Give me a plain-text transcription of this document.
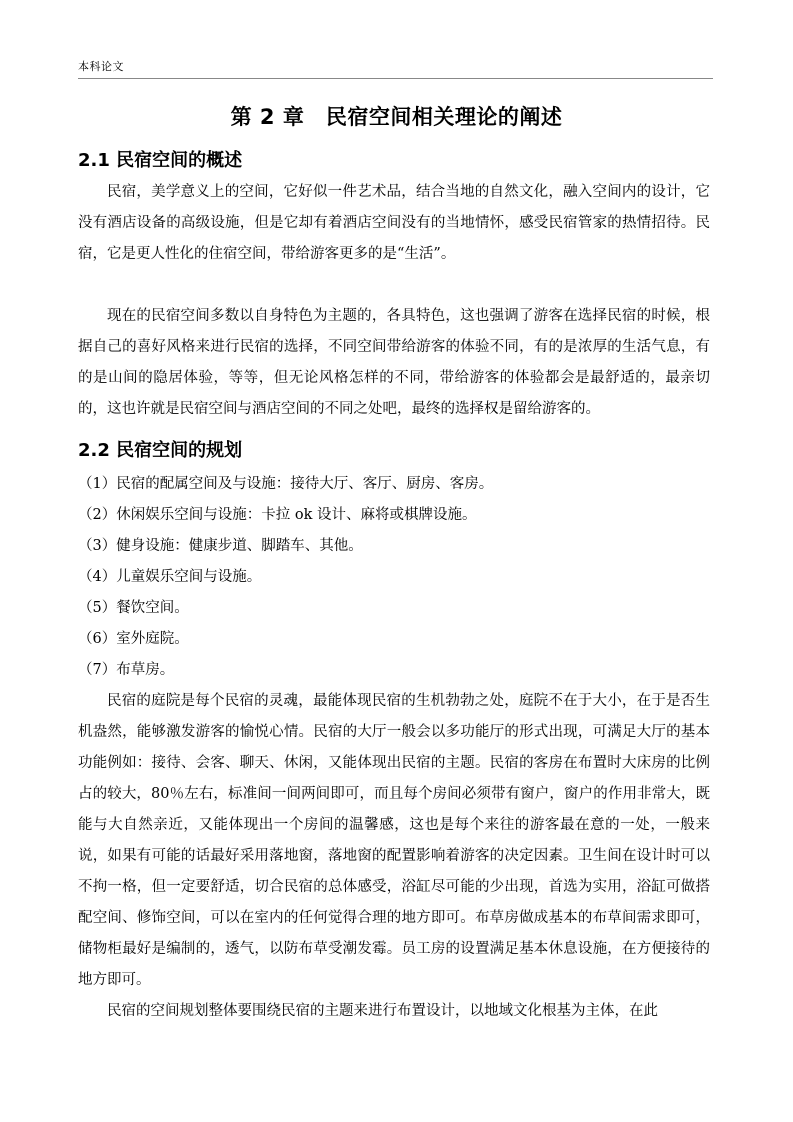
本科论文
第 2 章　民宿空间相关理论的阐述
2.1 民宿空间的概述

民宿，美学意义上的空间，它好似一件艺术品，结合当地的自然文化，融入空间内的设计，它没有酒店设备的高级设施，但是它却有着酒店空间没有的当地情怀，感受民宿管家的热情招待。民宿，它是更人性化的住宿空间，带给游客更多的是“生活”。

现在的民宿空间多数以自身特色为主题的，各具特色，这也强调了游客在选择民宿的时候，根据自己的喜好风格来进行民宿的选择，不同空间带给游客的体验不同，有的是浓厚的生活气息，有的是山间的隐居体验，等等，但无论风格怎样的不同，带给游客的体验都会是最舒适的，最亲切的，这也许就是民宿空间与酒店空间的不同之处吧，最终的选择权是留给游客的。

2.2 民宿空间的规划
（1）民宿的配属空间及与设施：接待大厅、客厅、厨房、客房。
（2）休闲娱乐空间与设施：卡拉 ok 设计、麻将或棋牌设施。
（3）健身设施：健康步道、脚踏车、其他。
（4）儿童娱乐空间与设施。
（5）餐饮空间。
（6）室外庭院。
（7）布草房。

民宿的庭院是每个民宿的灵魂，最能体现民宿的生机勃勃之处，庭院不在于大小，在于是否生机盎然，能够激发游客的愉悦心情。民宿的大厅一般会以多功能厅的形式出现，可满足大厅的基本功能例如：接待、会客、聊天、休闲，又能体现出民宿的主题。民宿的客房在布置时大床房的比例占的较大，80％左右，标准间一间两间即可，而且每个房间必须带有窗户，窗户的作用非常大，既能与大自然亲近，又能体现出一个房间的温馨感，这也是每个来往的游客最在意的一处，一般来说，如果有可能的话最好采用落地窗，落地窗的配置影响着游客的决定因素。卫生间在设计时可以不拘一格，但一定要舒适，切合民宿的总体感受，浴缸尽可能的少出现，首选为实用，浴缸可做搭配空间、修饰空间，可以在室内的任何觉得合理的地方即可。布草房做成基本的布草间需求即可，储物柜最好是编制的，透气，以防布草受潮发霉。员工房的设置满足基本休息设施，在方便接待的地方即可。

民宿的空间规划整体要围绕民宿的主题来进行布置设计，以地域文化根基为主体，在此
